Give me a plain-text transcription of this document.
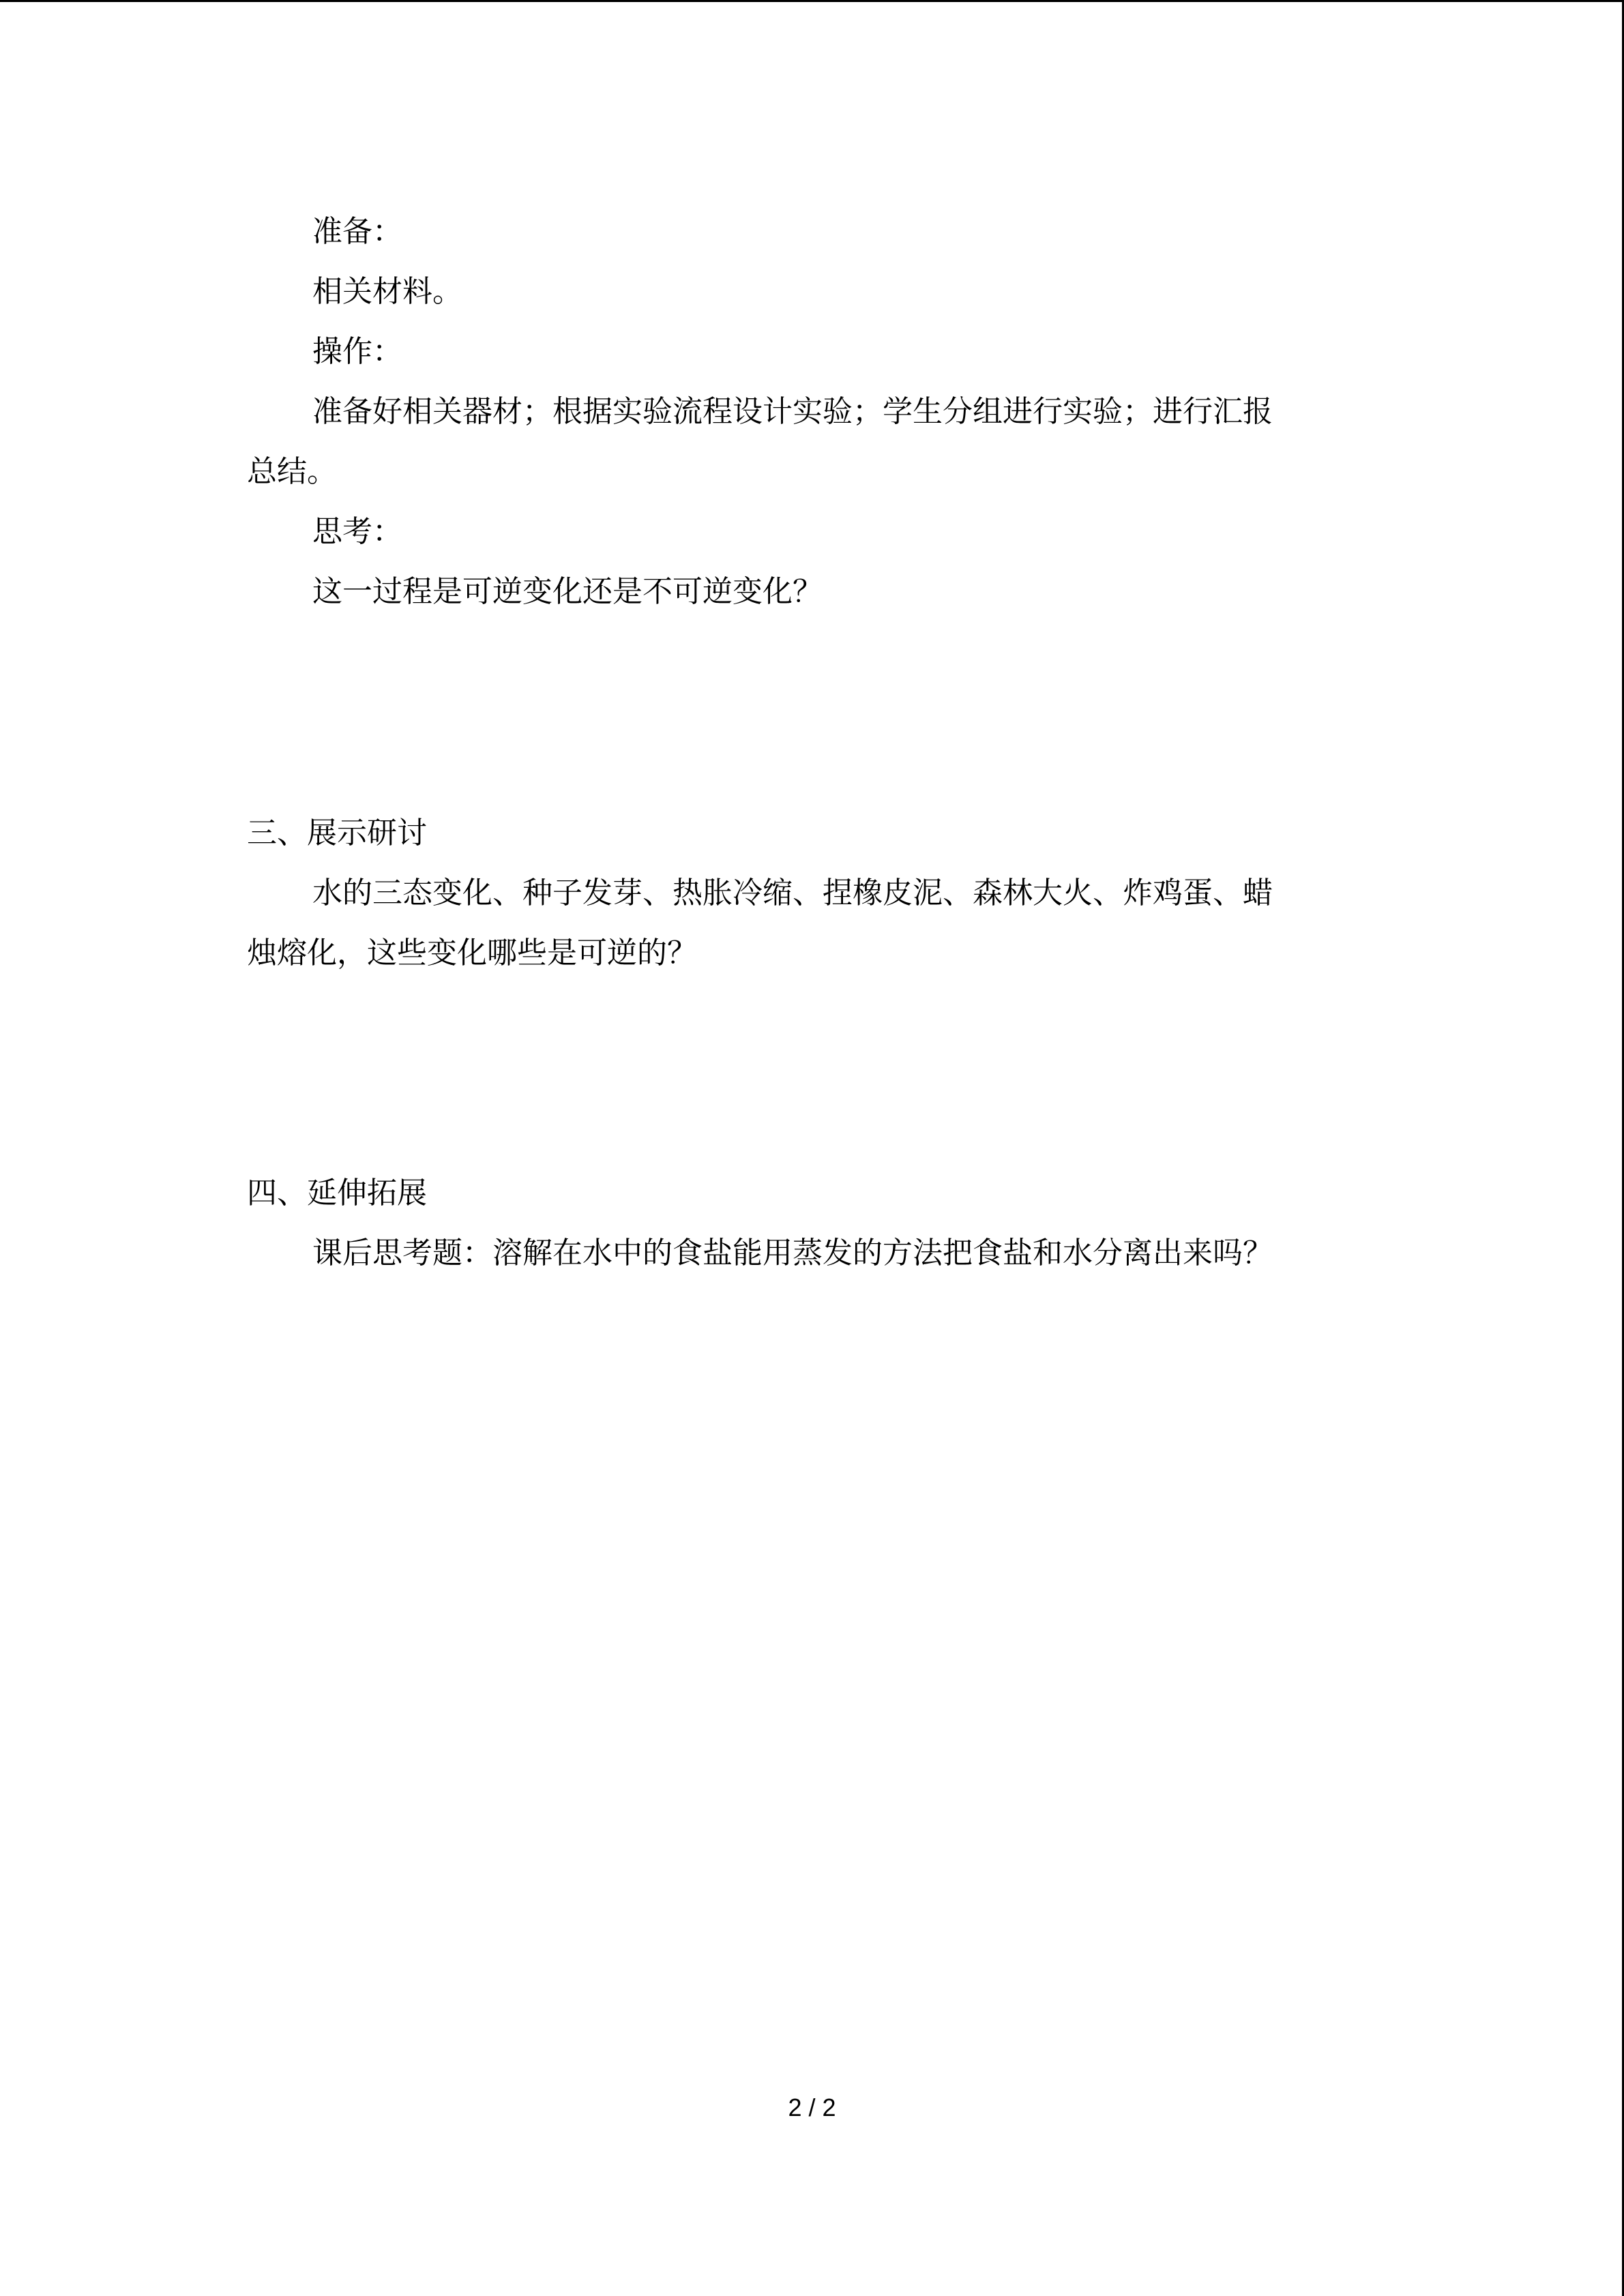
准备：
相关材料。
操作：
准备好相关器材；根据实验流程设计实验；学生分组进行实验；进行汇报
总结。
思考：
这一过程是可逆变化还是不可逆变化？
三、展示研讨
水的三态变化、种子发芽、热胀冷缩、捏橡皮泥、森林大火、炸鸡蛋、蜡
烛熔化，这些变化哪些是可逆的？
四、延伸拓展
课后思考题：溶解在水中的食盐能用蒸发的方法把食盐和水分离出来吗？
2 / 2
